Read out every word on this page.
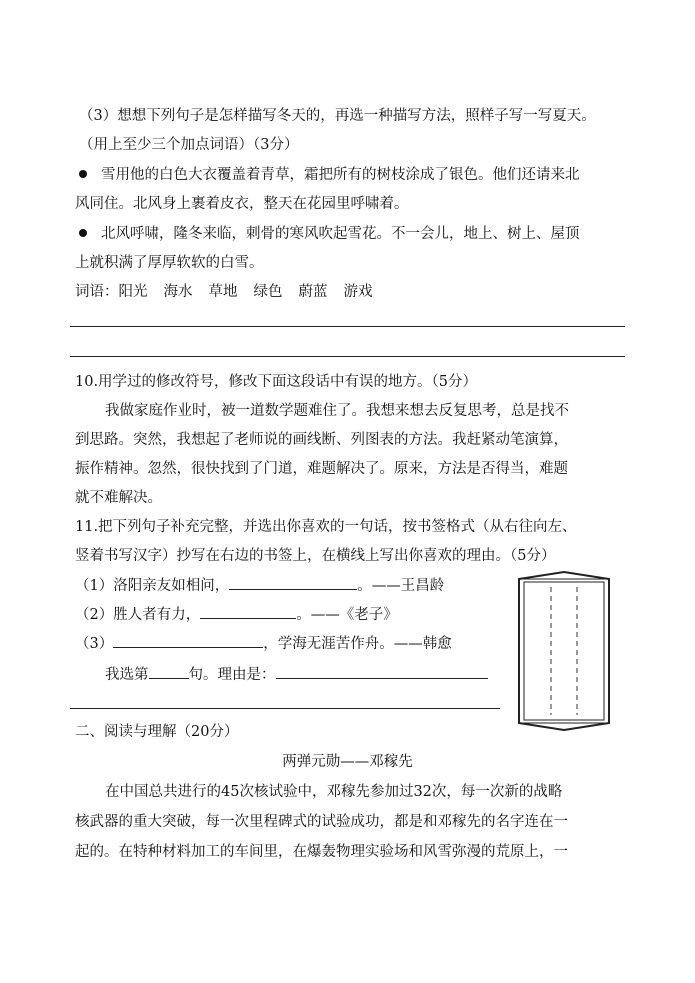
（3）想想下列句子是怎样描写冬天的，再选一种描写方法，照样子写一写夏天。
（用上至少三个加点词语）（3分）
雪用他的白色大衣覆盖着青草，霜把所有的树枝涂成了银色。他们还请来北
风同住。北风身上裹着皮衣，整天在花园里呼啸着。
北风呼啸，隆冬来临，刺骨的寒风吹起雪花。不一会儿，地上、树上、屋顶
上就积满了厚厚软软的白雪。
词语：阳光 海水 草地 绿色 蔚蓝 游戏
10.用学过的修改符号，修改下面这段话中有误的地方。（5分）
我做家庭作业时，被一道数学题难住了。我想来想去反复思考，总是找不
到思路。突然，我想起了老师说的画线断、列图表的方法。我赶紧动笔演算，
振作精神。忽然，很快找到了门道，难题解决了。原来，方法是否得当，难题
就不难解决。
11.把下列句子补充完整，并选出你喜欢的一句话，按书签格式（从右往向左、
竖着书写汉字）抄写在右边的书签上，在横线上写出你喜欢的理由。（5分）
（1）洛阳亲友如相问，	。——王昌龄
（2）胜人者有力，	。——《老子》
（3）	，学海无涯苦作舟。——韩愈
我选第	句。理由是：
二、阅读与理解（20分）
两弹元勋——邓稼先
在中国总共进行的45次核试验中，邓稼先参加过32次，每一次新的战略
核武器的重大突破，每一次里程碑式的试验成功，都是和邓稼先的名字连在一
起的。在特种材料加工的车间里，在爆轰物理实验场和风雪弥漫的荒原上，一
